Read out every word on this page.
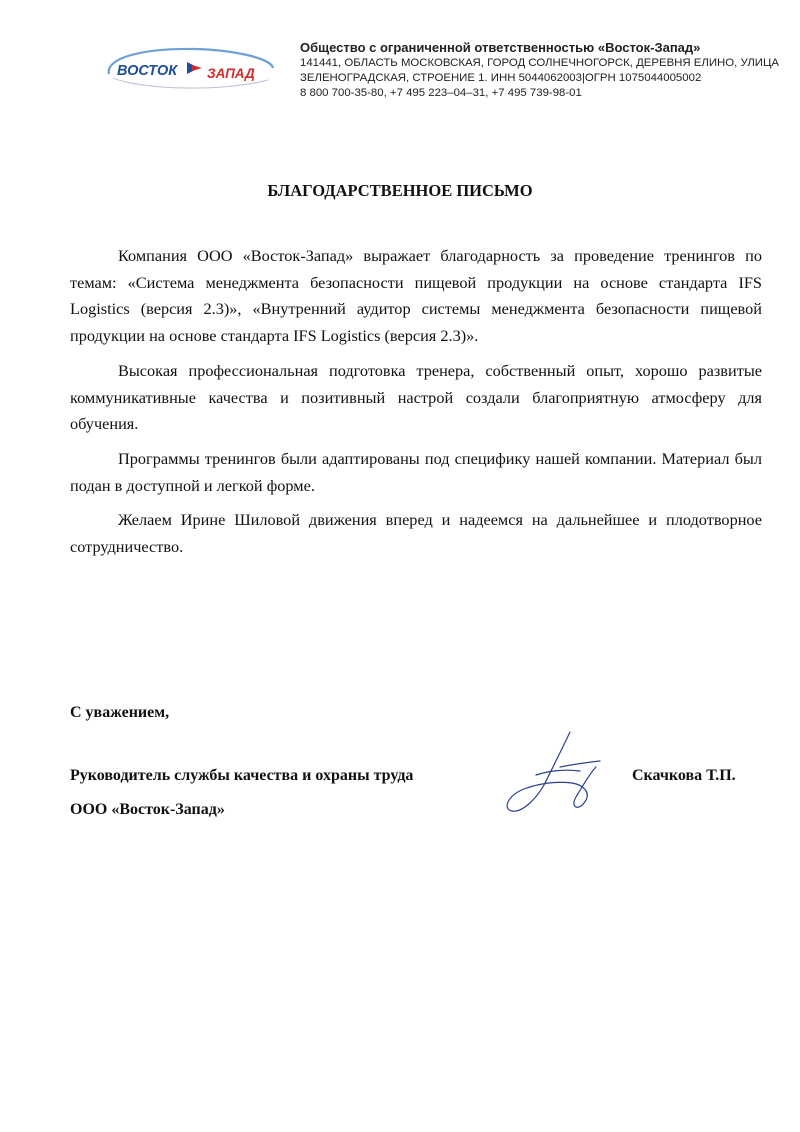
ВОСТОК ЗАПАД

Общество с ограниченной ответственностью «Восток-Запад»

141441, ОБЛАСТЬ МОСКОВСКАЯ, ГОРОД СОЛНЕЧНОГОРСК, ДЕРЕВНЯ ЕЛИНО, УЛИЦА

ЗЕЛЕНОГРАДСКАЯ, СТРОЕНИЕ 1. ИНН 5044062003|ОГРН 1075044005002

8 800 700-35-80, +7 495 223–04–31, +7 495 739-98-01

БЛАГОДАРСТВЕННОЕ ПИСЬМО

Компания ООО «Восток-Запад» выражает благодарность за проведение тренингов по темам: «Система менеджмента безопасности пищевой продукции на основе стандарта IFS Logistics (версия 2.3)», «Внутренний аудитор системы менеджмента безопасности пищевой продукции на основе стандарта IFS Logistics (версия 2.3)».

Высокая профессиональная подготовка тренера, собственный опыт, хорошо развитые коммуникативные качества и позитивный настрой создали благоприятную атмосферу для обучения.

Программы тренингов были адаптированы под специфику нашей компании. Материал был подан в доступной и легкой форме.

Желаем Ирине Шиловой движения вперед и надеемся на дальнейшее и плодотворное сотрудничество.

С уважением,

Руководитель службы качества и охраны труда

ООО «Восток-Запад»

Скачкова Т.П.
